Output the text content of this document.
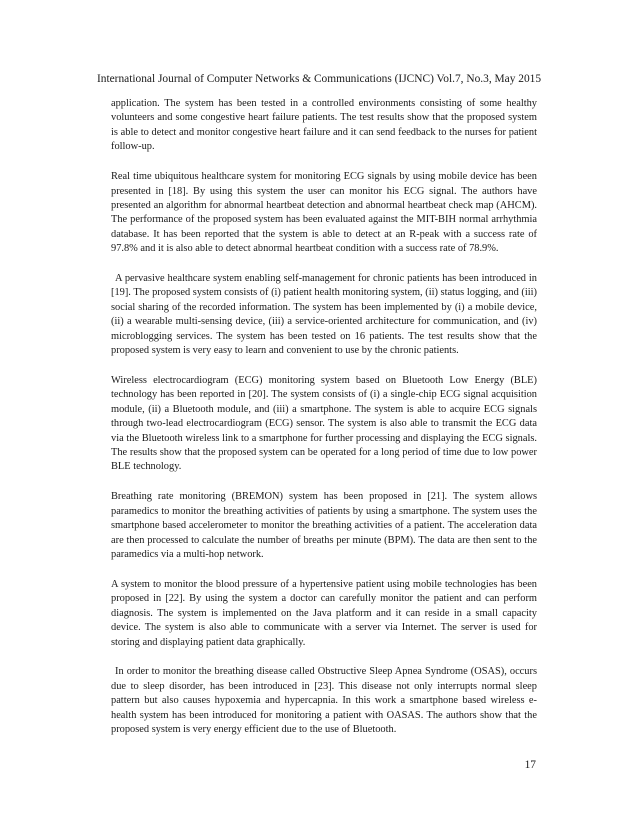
International Journal of Computer Networks & Communications (IJCNC) Vol.7, No.3, May 2015

application. The system has been tested in a controlled environments consisting of some healthy volunteers and some congestive heart failure patients. The test results show that the proposed system is able to detect and monitor congestive heart failure and it can send feedback to the nurses for patient follow-up.

Real time ubiquitous healthcare system for monitoring ECG signals by using mobile device has been presented in [18]. By using this system the user can monitor his ECG signal. The authors have presented an algorithm for abnormal heartbeat detection and abnormal heartbeat check map (AHCM). The performance of the proposed system has been evaluated against the MIT-BIH normal arrhythmia database. It has been reported that the system is able to detect at an R-peak with a success rate of 97.8% and it is also able to detect abnormal heartbeat condition with a success rate of 78.9%.

A pervasive healthcare system enabling self-management for chronic patients has been introduced in [19]. The proposed system consists of (i) patient health monitoring system, (ii) status logging, and (iii) social sharing of the recorded information. The system has been implemented by (i) a mobile device, (ii) a wearable multi-sensing device, (iii) a service-oriented architecture for communication, and (iv) microblogging services. The system has been tested on 16 patients. The test results show that the proposed system is very easy to learn and convenient to use by the chronic patients.

Wireless electrocardiogram (ECG) monitoring system based on Bluetooth Low Energy (BLE) technology has been reported in [20]. The system consists of (i) a single-chip ECG signal acquisition module, (ii) a Bluetooth module, and (iii) a smartphone. The system is able to acquire ECG signals through two-lead electrocardiogram (ECG) sensor. The system is also able to transmit the ECG data via the Bluetooth wireless link to a smartphone for further processing and displaying the ECG signals. The results show that the proposed system can be operated for a long period of time due to low power BLE technology.

Breathing rate monitoring (BREMON) system has been proposed in [21]. The system allows paramedics to monitor the breathing activities of patients by using a smartphone. The system uses the smartphone based accelerometer to monitor the breathing activities of a patient. The acceleration data are then processed to calculate the number of breaths per minute (BPM). The data are then sent to the paramedics via a multi-hop network.

A system to monitor the blood pressure of a hypertensive patient using mobile technologies has been proposed in [22]. By using the system a doctor can carefully monitor the patient and can perform diagnosis. The system is implemented on the Java platform and it can reside in a small capacity device. The system is also able to communicate with a server via Internet. The server is used for storing and displaying patient data graphically.

In order to monitor the breathing disease called Obstructive Sleep Apnea Syndrome (OSAS), occurs due to sleep disorder, has been introduced in [23]. This disease not only interrupts normal sleep pattern but also causes hypoxemia and hypercapnia. In this work a smartphone based wireless e-health system has been introduced for monitoring a patient with OASAS. The authors show that the proposed system is very energy efficient due to the use of Bluetooth.

17
